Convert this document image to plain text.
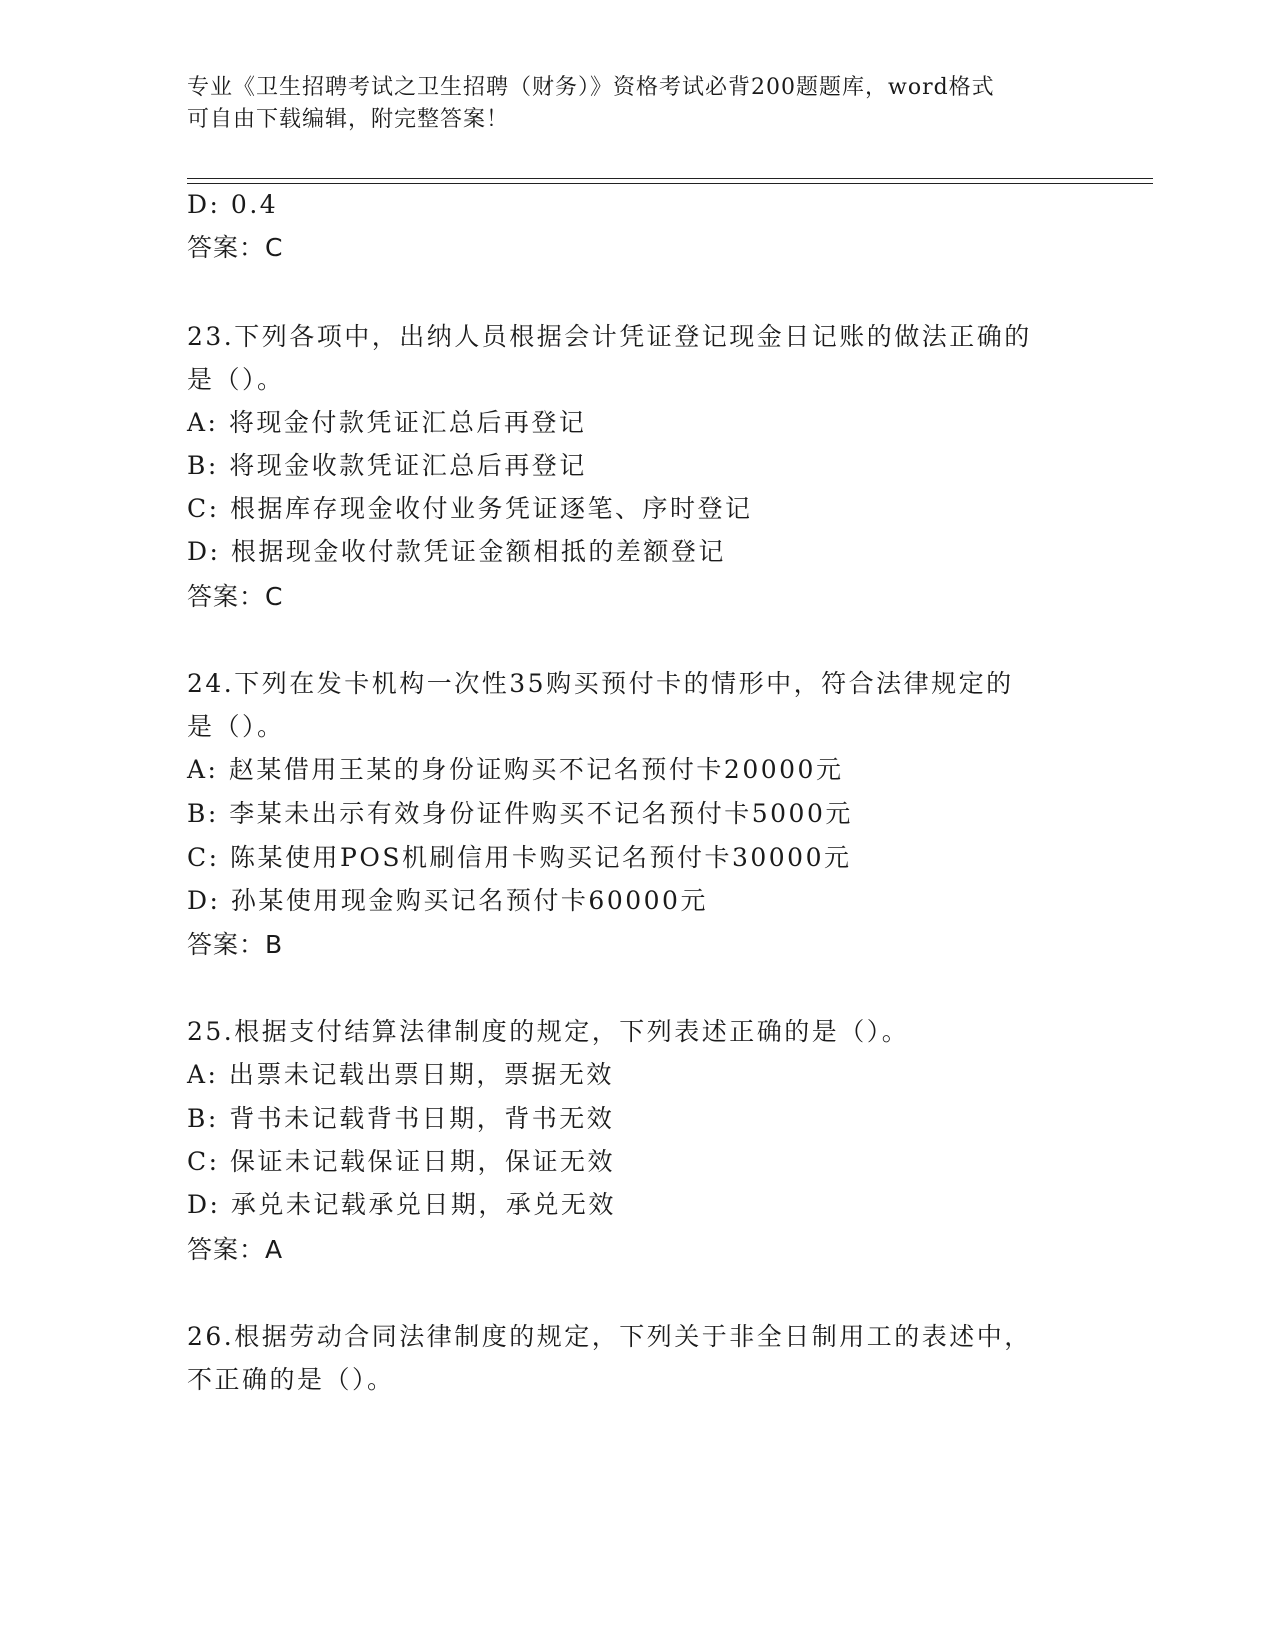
专业《卫生招聘考试之卫生招聘（财务）》资格考试必背200题题库，word格式
可自由下载编辑，附完整答案！
D: 0.4
答案：C
23.下列各项中，出纳人员根据会计凭证登记现金日记账的做法正确的
是（）。
A: 将现金付款凭证汇总后再登记
B: 将现金收款凭证汇总后再登记
C: 根据库存现金收付业务凭证逐笔、序时登记
D: 根据现金收付款凭证金额相抵的差额登记
答案：C
24.下列在发卡机构一次性35购买预付卡的情形中，符合法律规定的
是（）。
A: 赵某借用王某的身份证购买不记名预付卡20000元
B: 李某未出示有效身份证件购买不记名预付卡5000元
C: 陈某使用POS机刷信用卡购买记名预付卡30000元
D: 孙某使用现金购买记名预付卡60000元
答案：B
25.根据支付结算法律制度的规定，下列表述正确的是（）。
A: 出票未记载出票日期，票据无效
B: 背书未记载背书日期，背书无效
C: 保证未记载保证日期，保证无效
D: 承兑未记载承兑日期，承兑无效
答案：A
26.根据劳动合同法律制度的规定，下列关于非全日制用工的表述中，
不正确的是（）。
